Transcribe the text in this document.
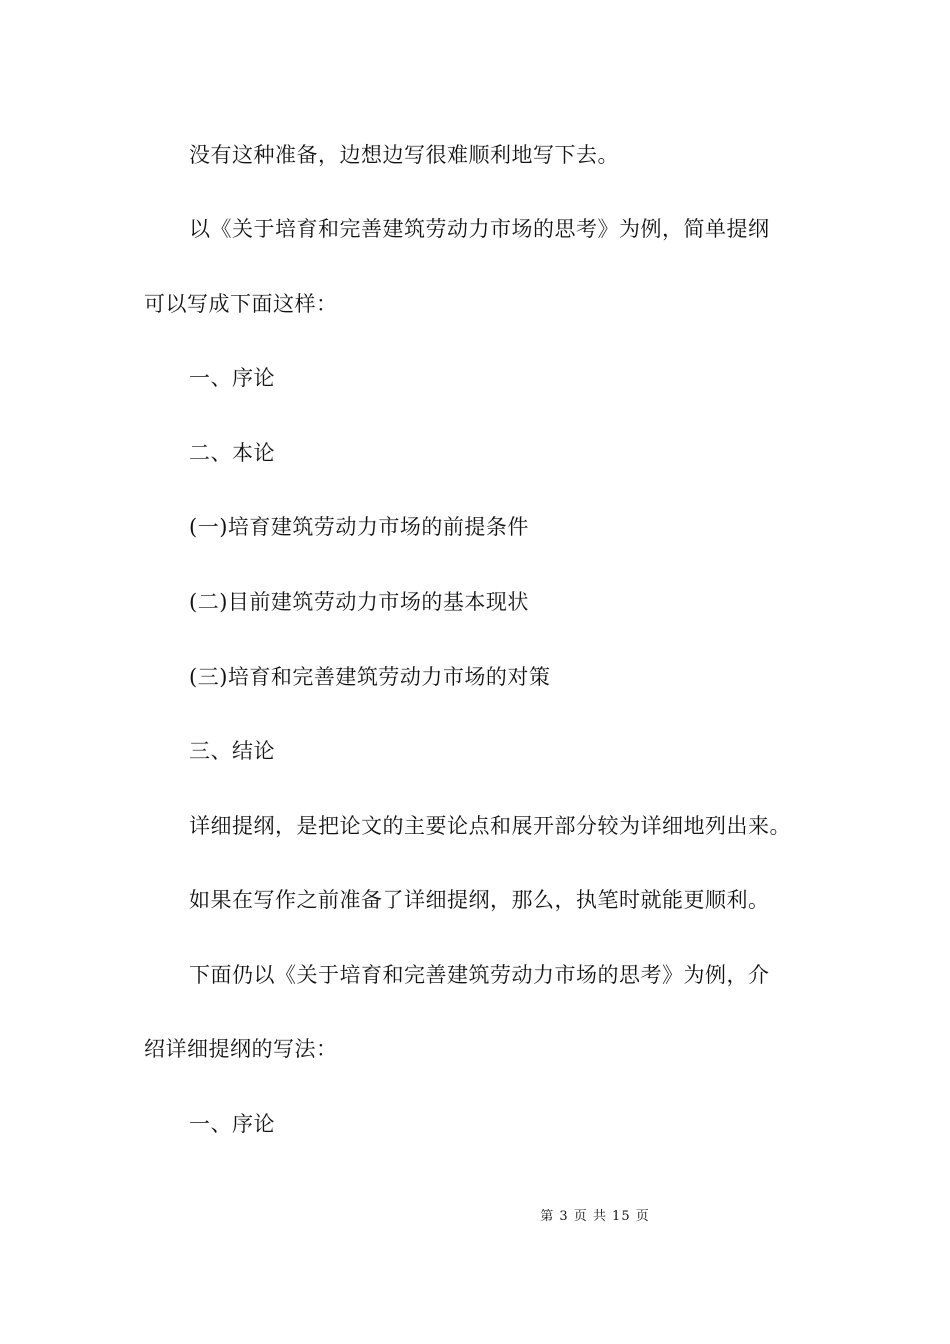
没有这种准备，边想边写很难顺利地写下去。
以《关于培育和完善建筑劳动力市场的思考》为例，简单提纲
可以写成下面这样：
一、序论
二、本论
(一)培育建筑劳动力市场的前提条件
(二)目前建筑劳动力市场的基本现状
(三)培育和完善建筑劳动力市场的对策
三、结论
详细提纲，是把论文的主要论点和展开部分较为详细地列出来。
如果在写作之前准备了详细提纲，那么，执笔时就能更顺利。
下面仍以《关于培育和完善建筑劳动力市场的思考》为例，介
绍详细提纲的写法：
一、序论
第 3 页 共 15 页
